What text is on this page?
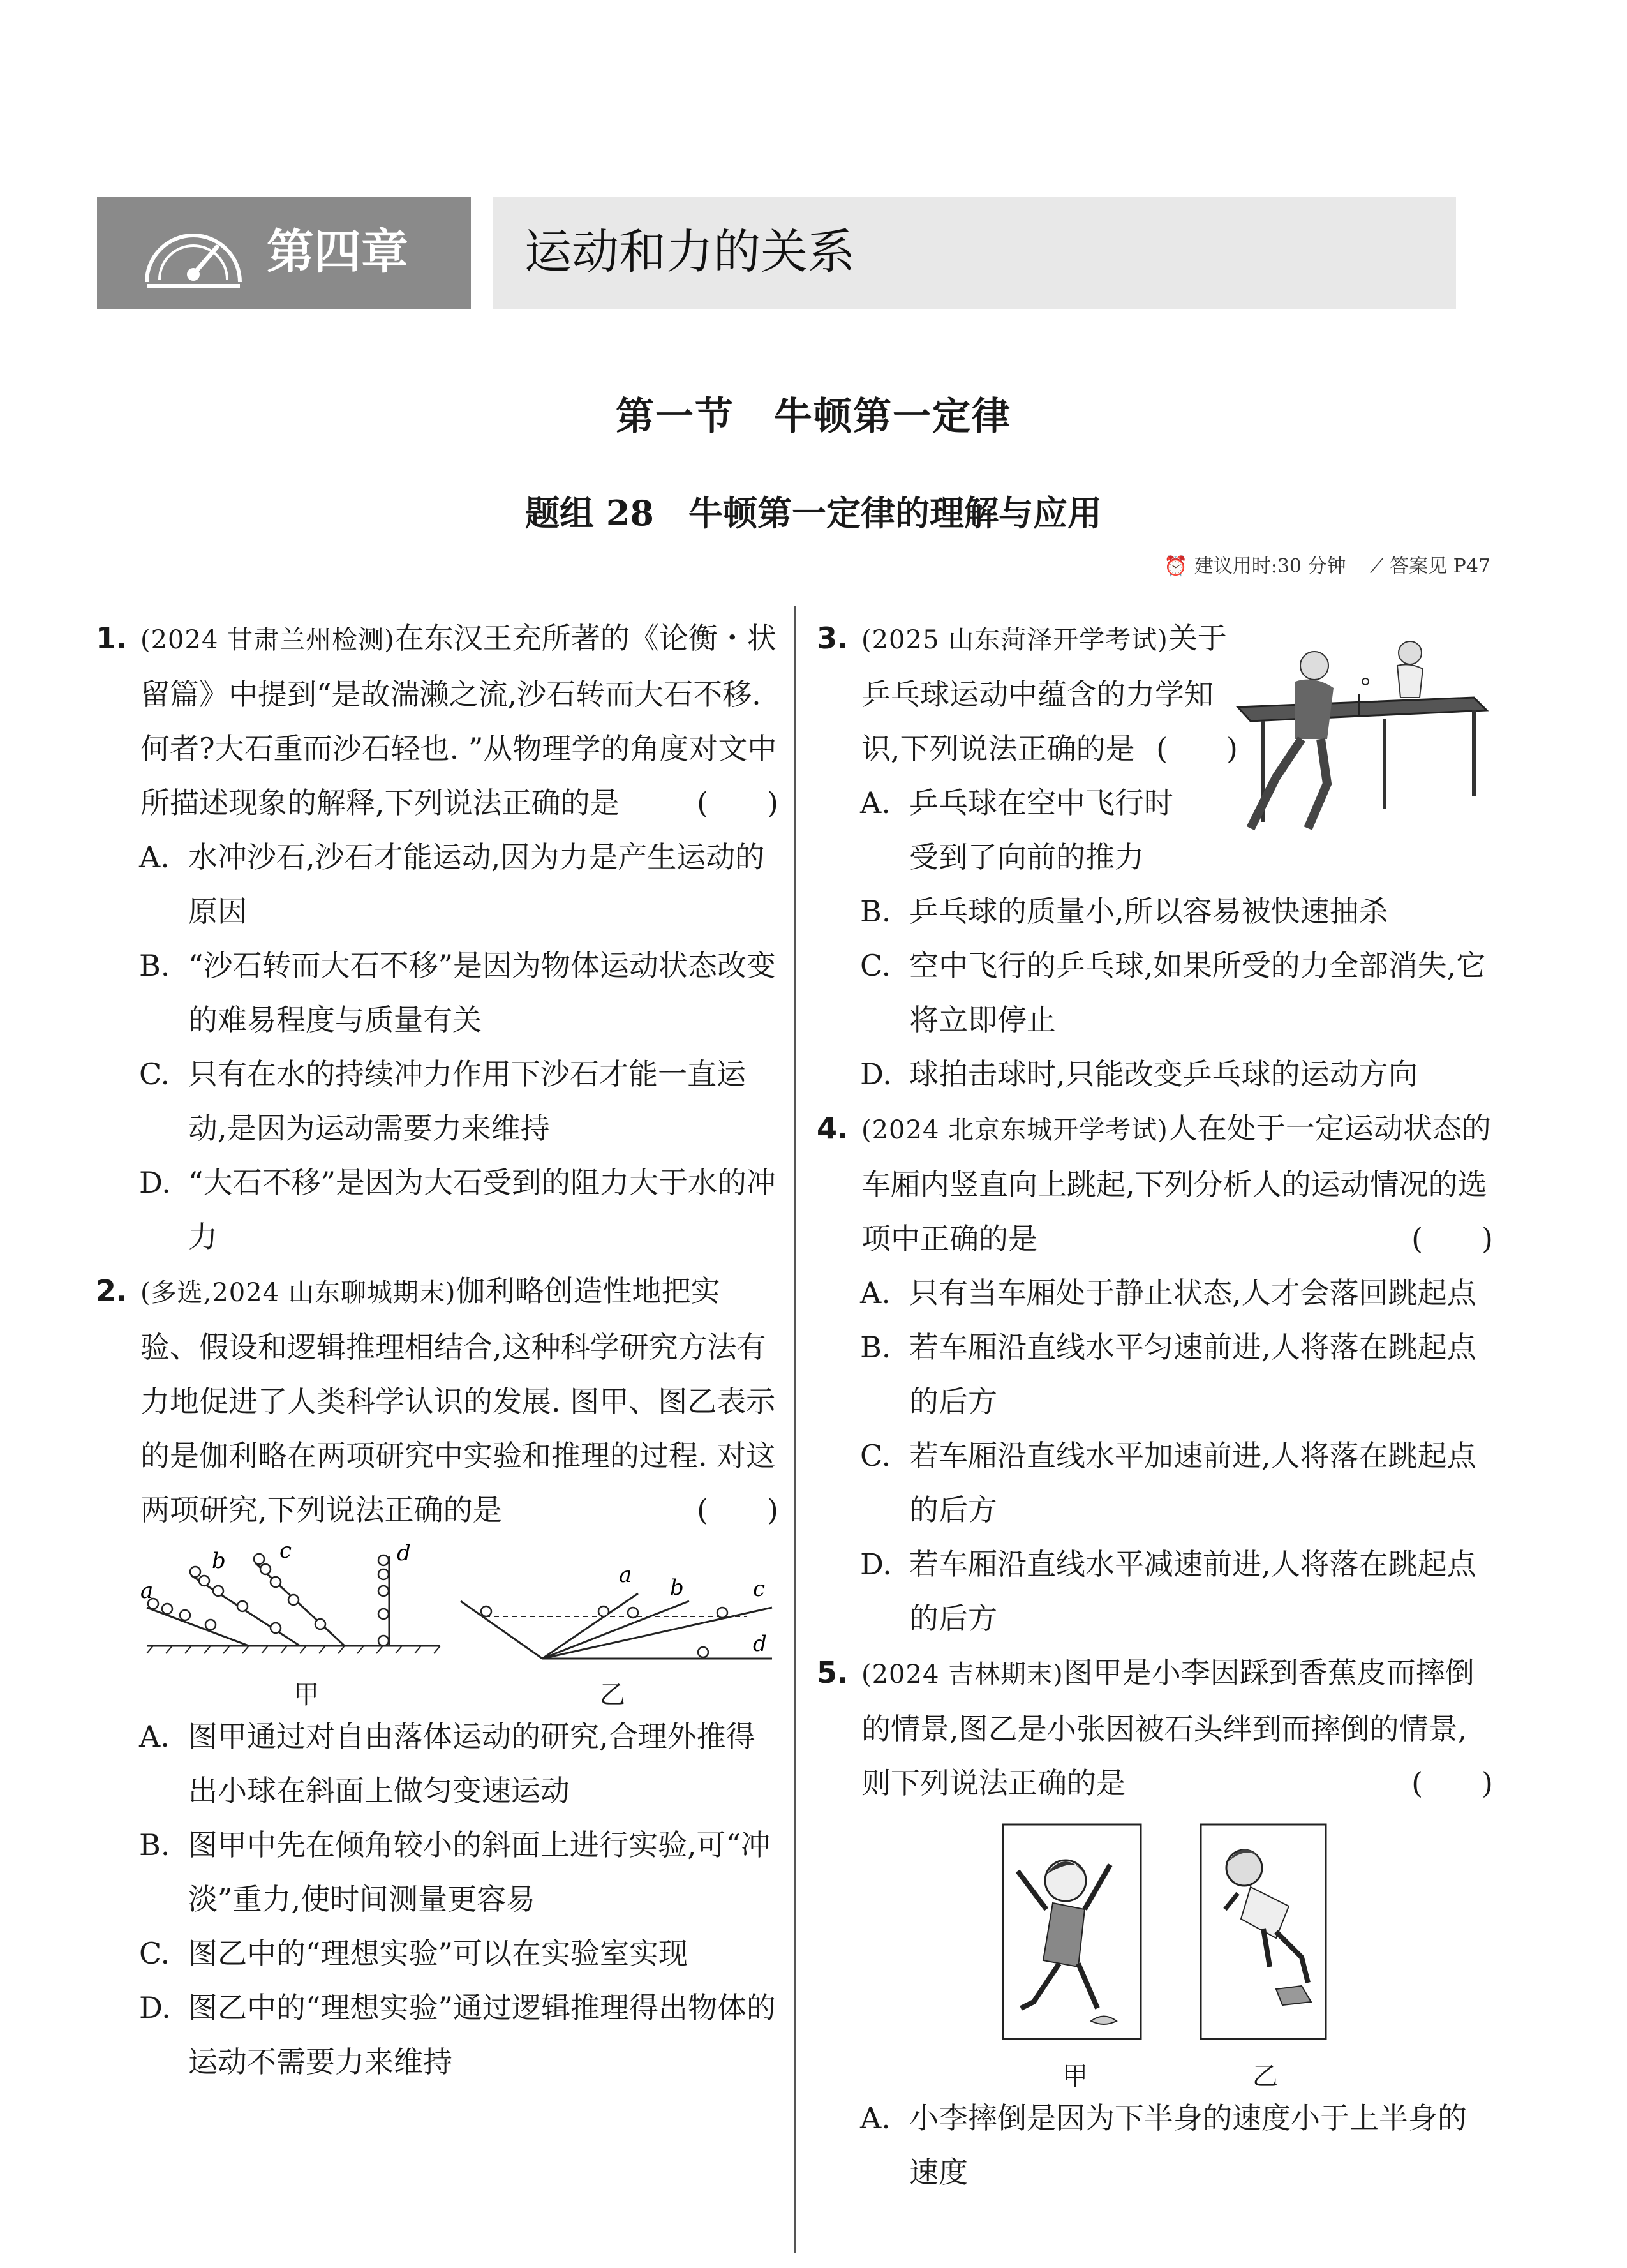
第四章 运动和力的关系
第一节　牛顿第一定律
题组 28　牛顿第一定律的理解与应用
⏰ 建议用时:30 分钟 ⟋ 答案见 P47
1. (2024 甘肃兰州检测)在东汉王充所著的《论衡・状留篇》中提到“是故湍濑之流,沙石转而大石不移. 何者?大石重而沙石轻也. ”从物理学的角度对文中所描述现象的解释,下列说法正确的是	(　　)
A. 水冲沙石,沙石才能运动,因为力是产生运动的原因
B. “沙石转而大石不移”是因为物体运动状态改变的难易程度与质量有关
C. 只有在水的持续冲力作用下沙石才能一直运动,是因为运动需要力来维持
D. “大石不移”是因为大石受到的阻力大于水的冲力
2. (多选,2024 山东聊城期末)伽利略创造性地把实验、假设和逻辑推理相结合,这种科学研究方法有力地促进了人类科学认识的发展. 图甲、图乙表示的是伽利略在两项研究中实验和推理的过程. 对这两项研究,下列说法正确的是	(　　)
a
b c	d
甲
a b	c
d
乙
A. 图甲通过对自由落体运动的研究,合理外推得出小球在斜面上做匀变速运动
B. 图甲中先在倾角较小的斜面上进行实验,可“冲淡”重力,使时间测量更容易
C. 图乙中的“理想实验”可以在实验室实现
D. 图乙中的“理想实验”通过逻辑推理得出物体的运动不需要力来维持
3. (2025 山东菏泽开学考试)关于乒乓球运动中蕴含的力学知识,下列说法正确的是 (　　)
A. 乒乓球在空中飞行时受到了向前的推力
B. 乒乓球的质量小,所以容易被快速抽杀
C. 空中飞行的乒乓球,如果所受的力全部消失,它将立即停止
D. 球拍击球时,只能改变乒乓球的运动方向
4. (2024 北京东城开学考试)人在处于一定运动状态的车厢内竖直向上跳起,下列分析人的运动情况的选项中正确的是	(　　)
A. 只有当车厢处于静止状态,人才会落回跳起点
B. 若车厢沿直线水平匀速前进,人将落在跳起点的后方
C. 若车厢沿直线水平加速前进,人将落在跳起点的后方
D. 若车厢沿直线水平减速前进,人将落在跳起点的后方
5. (2024 吉林期末)图甲是小李因踩到香蕉皮而摔倒的情景,图乙是小张因被石头绊到而摔倒的情景,则下列说法正确的是	(　　)
甲	乙
A. 小李摔倒是因为下半身的速度小于上半身的速度
